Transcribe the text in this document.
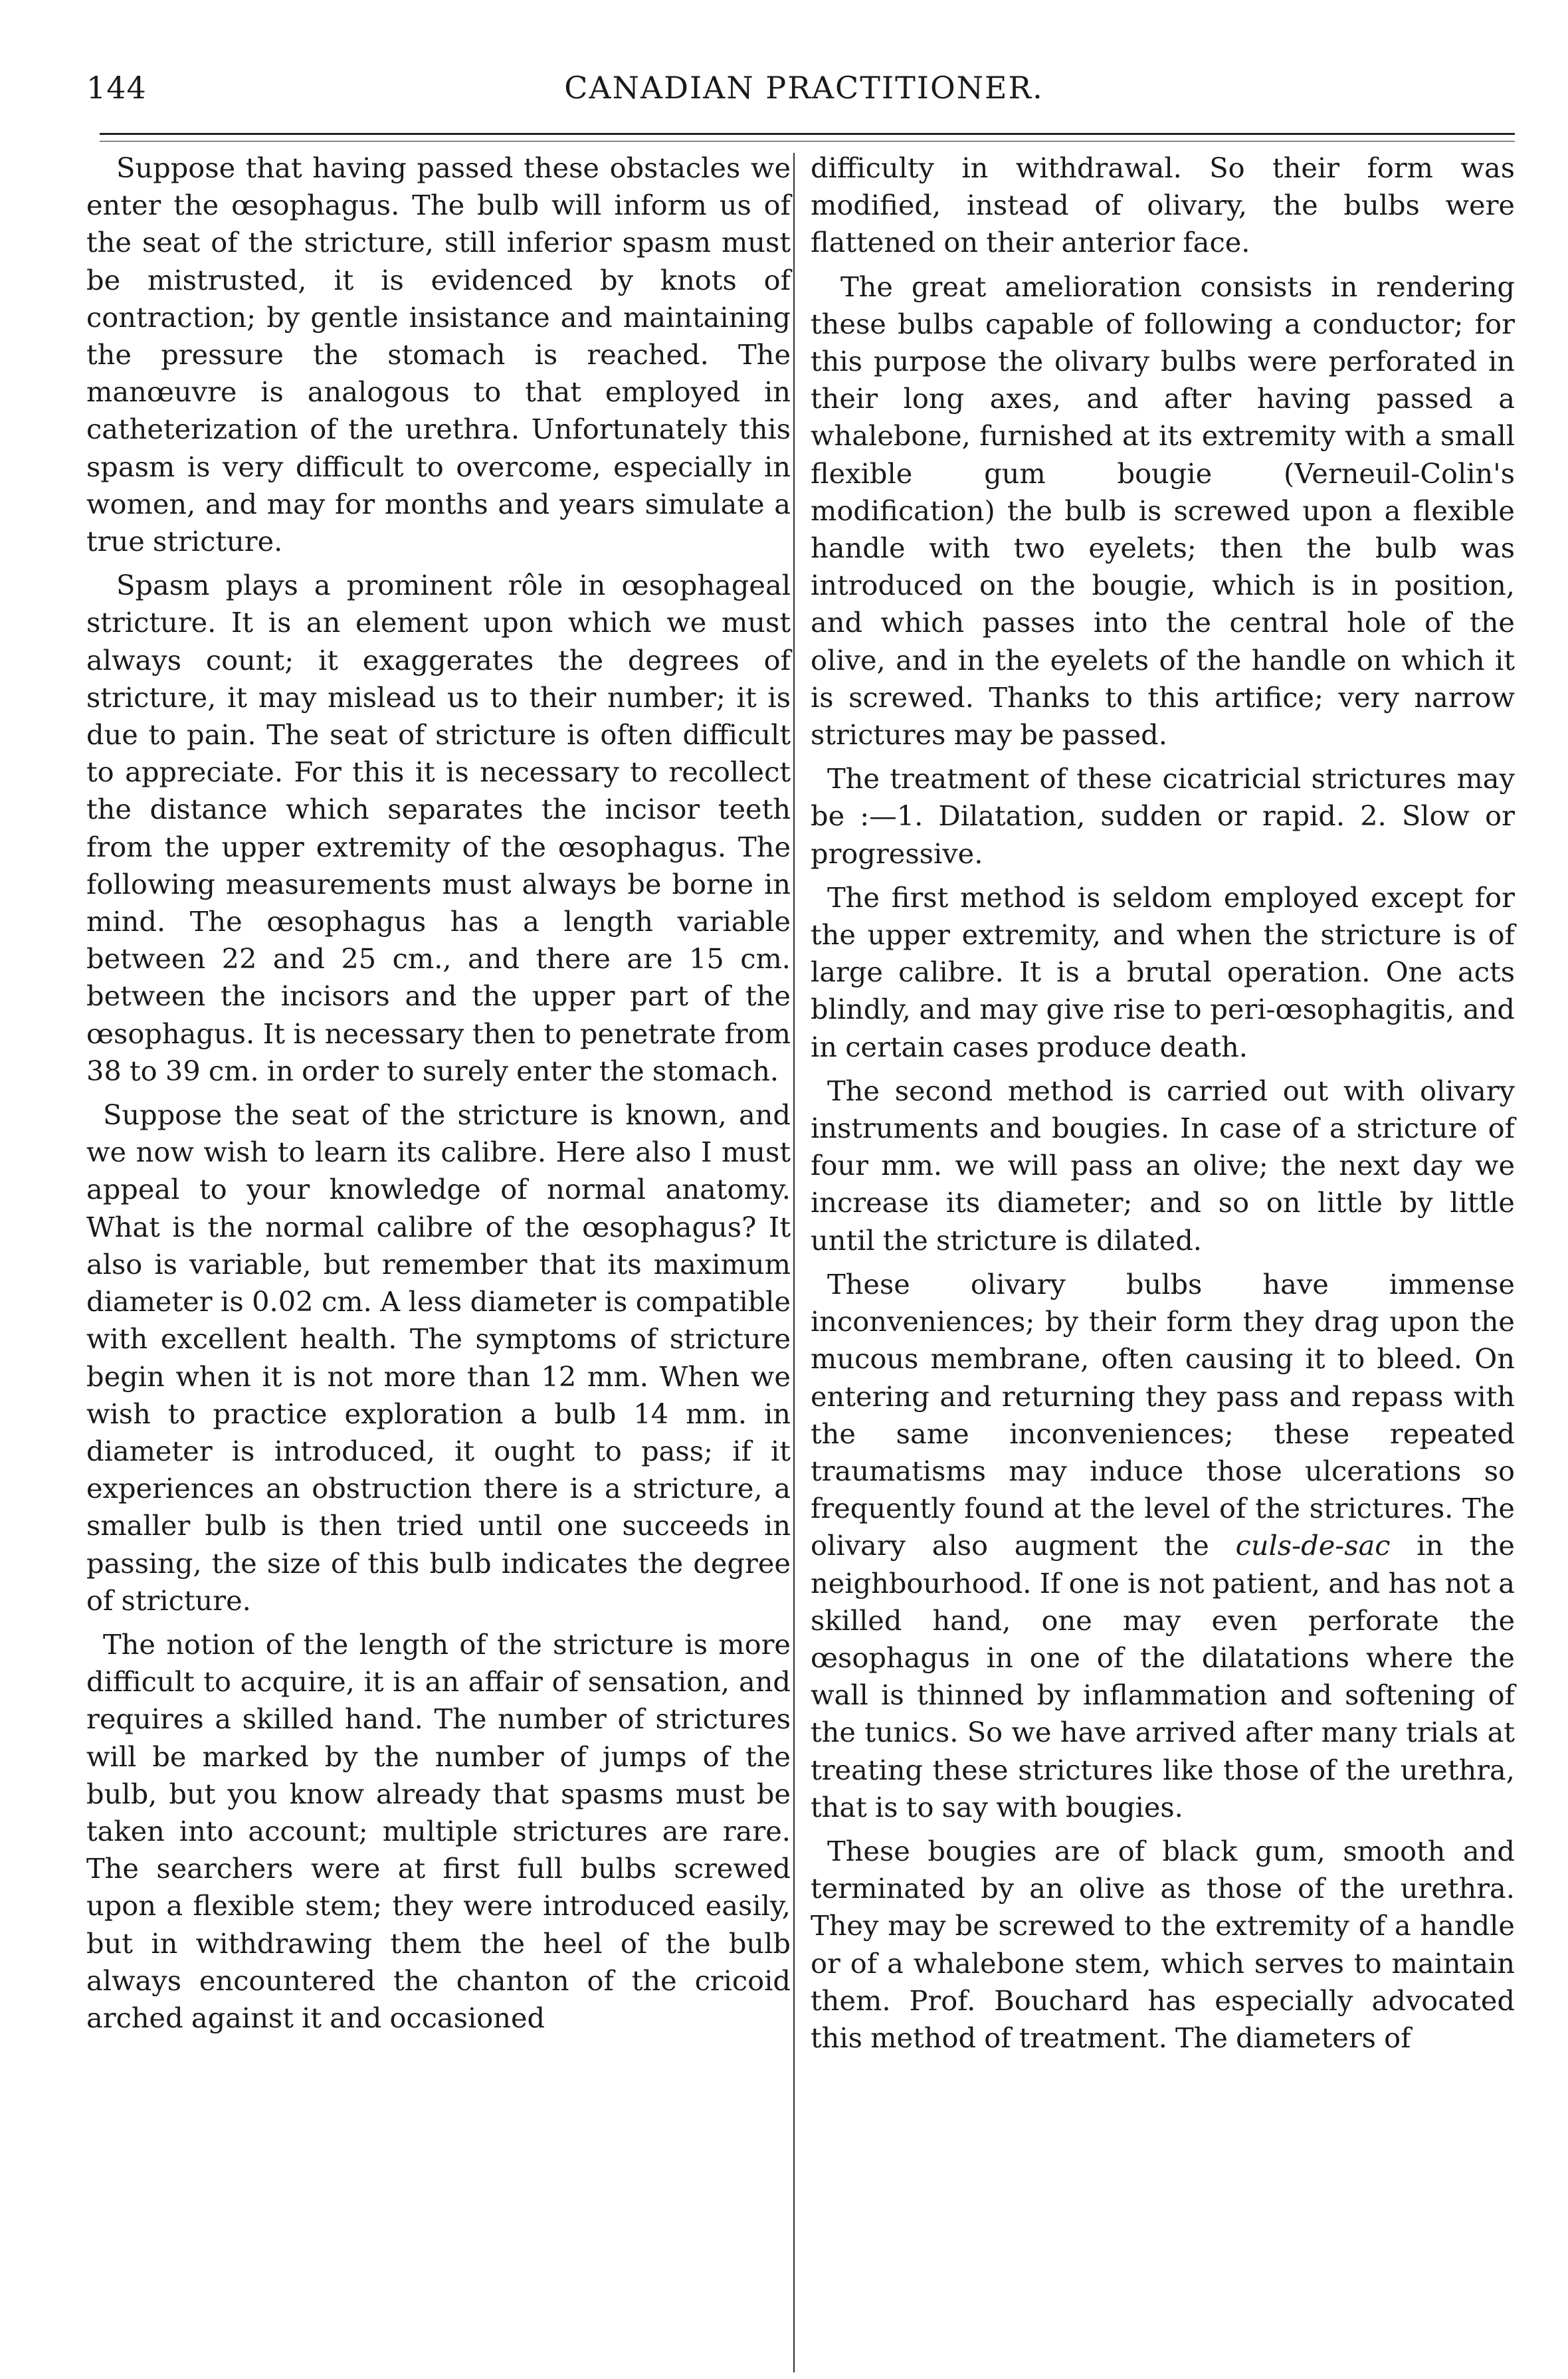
144	CANADIAN PRACTITIONER.

Suppose that having passed these obstacles we enter the œsophagus. The bulb will inform us of the seat of the stricture, still inferior spasm must be mistrusted, it is evidenced by knots of contraction; by gentle insistance and maintaining the pressure the stomach is reached. The manœuvre is analogous to that employed in catheterization of the urethra. Unfortunately this spasm is very difficult to overcome, especially in women, and may for months and years simulate a true stricture.

Spasm plays a prominent rôle in œsophageal stricture. It is an element upon which we must always count; it exaggerates the degrees of stricture, it may mislead us to their number; it is due to pain. The seat of stricture is often difficult to appreciate. For this it is necessary to recollect the distance which separates the incisor teeth from the upper extremity of the œsophagus. The following measurements must always be borne in mind. The œsophagus has a length variable between 22 and 25 cm., and there are 15 cm. between the incisors and the upper part of the œsophagus. It is necessary then to penetrate from 38 to 39 cm. in order to surely enter the stomach.

Suppose the seat of the stricture is known, and we now wish to learn its calibre. Here also I must appeal to your knowledge of normal anatomy. What is the normal calibre of the œsophagus? It also is variable, but remember that its maximum diameter is 0.02 cm. A less diameter is compatible with excellent health. The symptoms of stricture begin when it is not more than 12 mm. When we wish to practice exploration a bulb 14 mm. in diameter is introduced, it ought to pass; if it experiences an obstruction there is a stricture, a smaller bulb is then tried until one succeeds in passing, the size of this bulb indicates the degree of stricture.

The notion of the length of the stricture is more difficult to acquire, it is an affair of sensation, and requires a skilled hand. The number of strictures will be marked by the number of jumps of the bulb, but you know already that spasms must be taken into account; multiple strictures are rare. The searchers were at first full bulbs screwed upon a flexible stem; they were introduced easily, but in withdrawing them the heel of the bulb always encountered the chanton of the cricoid arched against it and occasioned

difficulty in withdrawal. So their form was modified, instead of olivary, the bulbs were flattened on their anterior face.

The great amelioration consists in rendering these bulbs capable of following a conductor; for this purpose the olivary bulbs were perforated in their long axes, and after having passed a whalebone, furnished at its extremity with a small flexible gum bougie (Verneuil-Colin's modification) the bulb is screwed upon a flexible handle with two eyelets; then the bulb was introduced on the bougie, which is in position, and which passes into the central hole of the olive, and in the eyelets of the handle on which it is screwed. Thanks to this artifice; very narrow strictures may be passed.

The treatment of these cicatricial strictures may be :—1. Dilatation, sudden or rapid. 2. Slow or progressive.

The first method is seldom employed except for the upper extremity, and when the stricture is of large calibre. It is a brutal operation. One acts blindly, and may give rise to peri-œsophagitis, and in certain cases produce death.

The second method is carried out with olivary instruments and bougies. In case of a stricture of four mm. we will pass an olive; the next day we increase its diameter; and so on little by little until the stricture is dilated.

These olivary bulbs have immense inconveniences; by their form they drag upon the mucous membrane, often causing it to bleed. On entering and returning they pass and repass with the same inconveniences; these repeated traumatisms may induce those ulcerations so frequently found at the level of the strictures. The olivary also augment the culs-de-sac in the neighbourhood. If one is not patient, and has not a skilled hand, one may even perforate the œsophagus in one of the dilatations where the wall is thinned by inflammation and softening of the tunics. So we have arrived after many trials at treating these strictures like those of the urethra, that is to say with bougies.

These bougies are of black gum, smooth and terminated by an olive as those of the urethra. They may be screwed to the extremity of a handle or of a whalebone stem, which serves to maintain them. Prof. Bouchard has especially advocated this method of treatment. The diameters of
